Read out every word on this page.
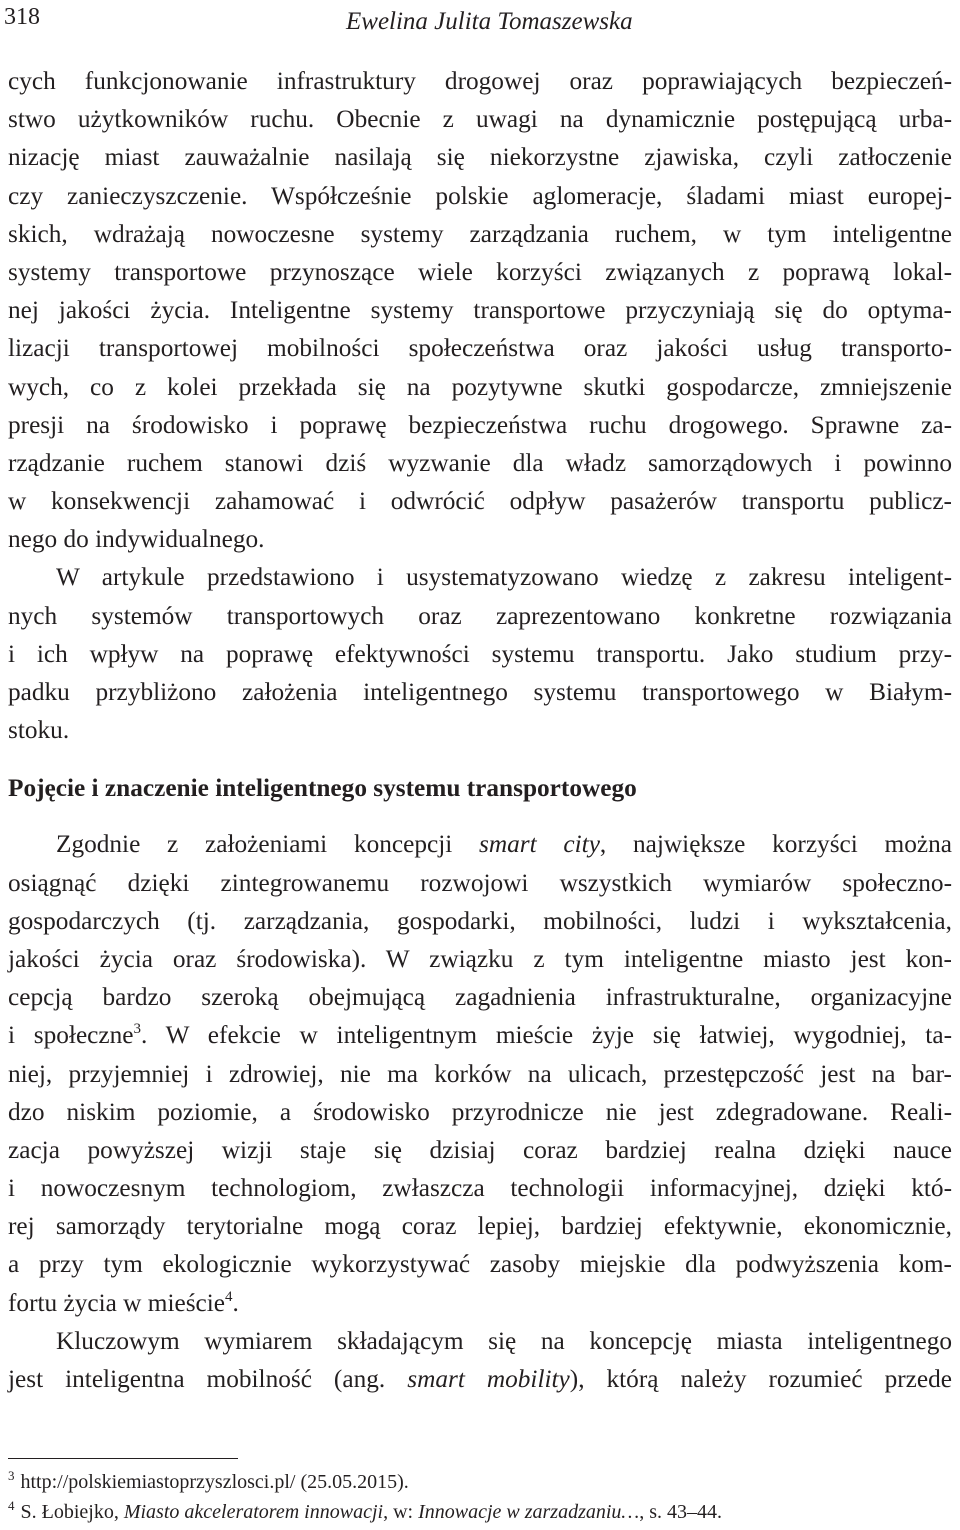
318	Ewelina Julita Tomaszewska
cych funkcjonowanie infrastruktury drogowej oraz poprawiających bezpieczeń-
stwo użytkowników ruchu. Obecnie z uwagi na dynamicznie postępującą urba-
nizację miast zauważalnie nasilają się niekorzystne zjawiska, czyli zatłoczenie
czy zanieczyszczenie. Współcześnie polskie aglomeracje, śladami miast europej-
skich, wdrażają nowoczesne systemy zarządzania ruchem, w tym inteligentne
systemy transportowe przynoszące wiele korzyści związanych z poprawą lokal-
nej jakości życia. Inteligentne systemy transportowe przyczyniają się do optyma-
lizacji transportowej mobilności społeczeństwa oraz jakości usług transporto-
wych, co z kolei przekłada się na pozytywne skutki gospodarcze, zmniejszenie
presji na środowisko i poprawę bezpieczeństwa ruchu drogowego. Sprawne za-
rządzanie ruchem stanowi dziś wyzwanie dla władz samorządowych i powinno
w konsekwencji zahamować i odwrócić odpływ pasażerów transportu publicz-
nego do indywidualnego.
W artykule przedstawiono i usystematyzowano wiedzę z zakresu inteligent-
nych systemów transportowych oraz zaprezentowano konkretne rozwiązania
i ich wpływ na poprawę efektywności systemu transportu. Jako studium przy-
padku przybliżono założenia inteligentnego systemu transportowego w Białym-
stoku.
Pojęcie i znaczenie inteligentnego systemu transportowego
Zgodnie z założeniami koncepcji smart city, największe korzyści można
osiągnąć dzięki zintegrowanemu rozwojowi wszystkich wymiarów społeczno-
gospodarczych (tj. zarządzania, gospodarki, mobilności, ludzi i wykształcenia,
jakości życia oraz środowiska). W związku z tym inteligentne miasto jest kon-
cepcją bardzo szeroką obejmującą zagadnienia infrastrukturalne, organizacyjne
i społeczne$^3$. W efekcie w inteligentnym mieście żyje się łatwiej, wygodniej, ta-
niej, przyjemniej i zdrowiej, nie ma korków na ulicach, przestępczość jest na bar-
dzo niskim poziomie, a środowisko przyrodnicze nie jest zdegradowane. Reali-
zacja powyższej wizji staje się dzisiaj coraz bardziej realna dzięki nauce
i nowoczesnym technologiom, zwłaszcza technologii informacyjnej, dzięki któ-
rej samorządy terytorialne mogą coraz lepiej, bardziej efektywnie, ekonomicznie,
a przy tym ekologicznie wykorzystywać zasoby miejskie dla podwyższenia kom-
fortu życia w mieście$^4$.
Kluczowym wymiarem składającym się na koncepcję miasta inteligentnego
jest inteligentna mobilność (ang. smart mobility), którą należy rozumieć przede
$^3$ http://polskiemiastoprzyszlosci.pl/ (25.05.2015).
$^4$ S. Łobiejko, Miasto akceleratorem innowacji, w: Innowacje w zarzadzaniu…, s. 43–44.
